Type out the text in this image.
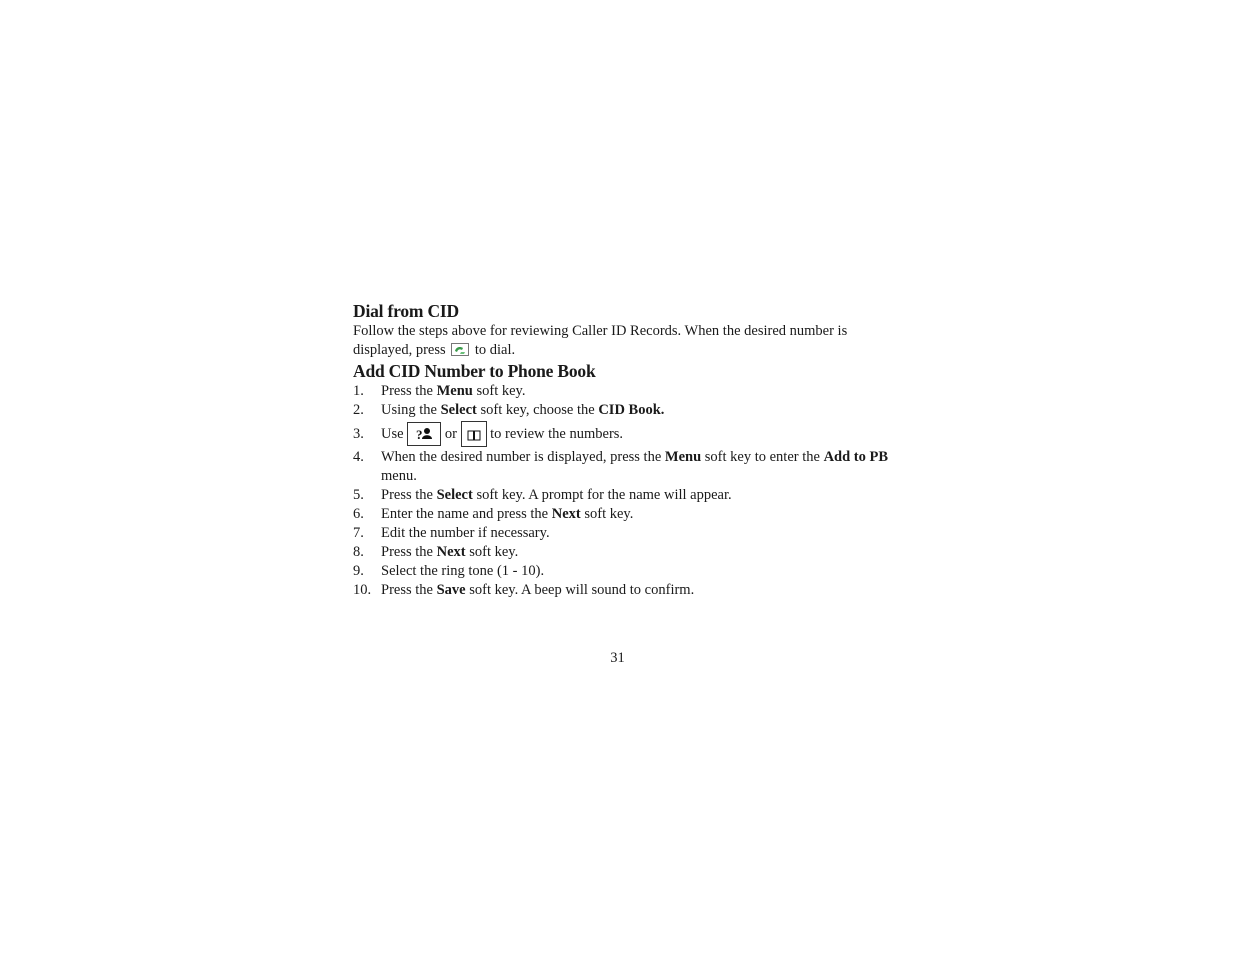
Dial from CID

Follow the steps above for reviewing Caller ID Records. When the desired number is displayed, press to dial.

Add CID Number to Phone Book
1. Press the Menu soft key.
2. Using the Select soft key, choose the CID Book.
3. Use ? or to review the numbers.
4. When the desired number is displayed, press the Menu soft key to enter the Add to PB menu.
5. Press the Select soft key. A prompt for the name will appear.
6. Enter the name and press the Next soft key.
7. Edit the number if necessary.
8. Press the Next soft key.
9. Select the ring tone (1 - 10).
10. Press the Save soft key. A beep will sound to confirm.
31
